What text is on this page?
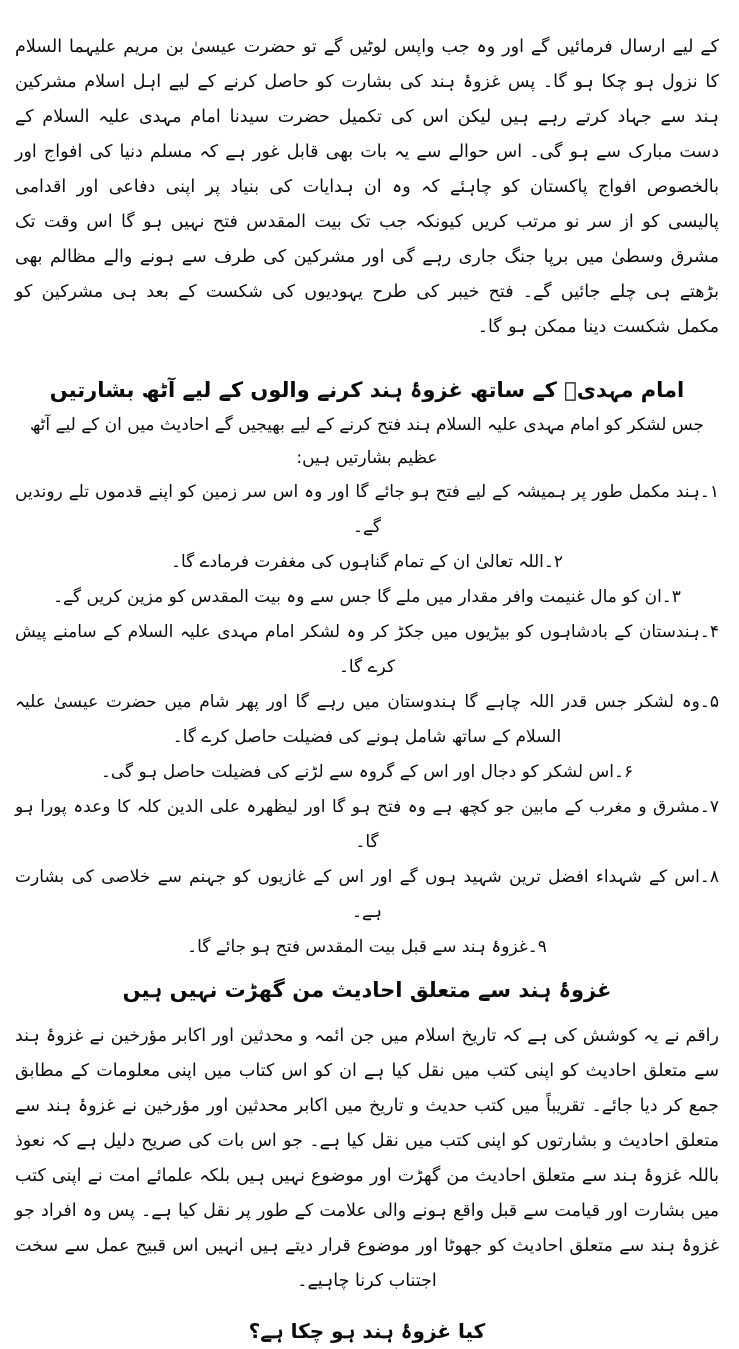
کے لیے ارسال فرمائیں گے اور وہ جب واپس لوٹیں گے تو حضرت عیسیٰ بن مریم علیہما السلام کا نزول ہو چکا ہو گا۔ پس غزوۂ ہند کی بشارت کو حاصل کرنے کے لیے اہل اسلام مشرکین ہند سے جہاد کرتے رہے ہیں لیکن اس کی تکمیل حضرت سیدنا امام مہدی علیہ السلام کے دست مبارک سے ہو گی۔ اس حوالے سے یہ بات بھی قابل غور ہے کہ مسلم دنیا کی افواج اور بالخصوص افواج پاکستان کو چاہئے کہ وہ ان ہدایات کی بنیاد پر اپنی دفاعی اور اقدامی پالیسی کو از سر نو مرتب کریں کیونکہ جب تک بیت المقدس فتح نہیں ہو گا اس وقت تک مشرق وسطیٰ میں برپا جنگ جاری رہے گی اور مشرکین کی طرف سے ہونے والے مظالم بھی بڑھتے ہی چلے جائیں گے۔ فتح خیبر کی طرح یہودیوں کی شکست کے بعد ہی مشرکین کو مکمل شکست دینا ممکن ہو گا۔

امام مہدیؑ کے ساتھ غزوۂ ہند کرنے والوں کے لیے آٹھ بشارتیں

جس لشکر کو امام مہدی علیہ السلام ہند فتح کرنے کے لیے بھیجیں گے احادیث میں ان کے لیے آٹھ عظیم بشارتیں ہیں:

۱۔ہند مکمل طور پر ہمیشہ کے لیے فتح ہو جائے گا اور وہ اس سر زمین کو اپنے قدموں تلے روندیں گے۔
۲۔اللہ تعالیٰ ان کے تمام گناہوں کی مغفرت فرمادے گا۔
۳۔ان کو مال غنیمت وافر مقدار میں ملے گا جس سے وہ بیت المقدس کو مزین کریں گے۔
۴۔ہندستان کے بادشاہوں کو بیڑیوں میں جکڑ کر وہ لشکر امام مہدی علیہ السلام کے سامنے پیش کرے گا۔
۵۔وہ لشکر جس قدر اللہ چاہے گا ہندوستان میں رہے گا اور پھر شام میں حضرت عیسیٰ علیہ السلام کے ساتھ شامل ہونے کی فضیلت حاصل کرے گا۔
۶۔اس لشکر کو دجال اور اس کے گروہ سے لڑنے کی فضیلت حاصل ہو گی۔
۷۔مشرق و مغرب کے مابین جو کچھ ہے وہ فتح ہو گا اور لیظھرہ علی الدین کلہ کا وعدہ پورا ہو گا۔
۸۔اس کے شہداء افضل ترین شہید ہوں گے اور اس کے غازیوں کو جہنم سے خلاصی کی بشارت ہے۔
۹۔غزوۂ ہند سے قبل بیت المقدس فتح ہو جائے گا۔
غزوۂ ہند سے متعلق احادیث من گھڑت نہیں ہیں

راقم نے یہ کوشش کی ہے کہ تاریخ اسلام میں جن ائمہ و محدثین اور اکابر مؤرخین نے غزوۂ ہند سے متعلق احادیث کو اپنی کتب میں نقل کیا ہے ان کو اس کتاب میں اپنی معلومات کے مطابق جمع کر دیا جائے۔ تقریباً میں کتب حدیث و تاریخ میں اکابر محدثین اور مؤرخین نے غزوۂ ہند سے متعلق احادیث و بشارتوں کو اپنی کتب میں نقل کیا ہے۔ جو اس بات کی صریح دلیل ہے کہ نعوذ باللہ غزوۂ ہند سے متعلق احادیث من گھڑت اور موضوع نہیں ہیں بلکہ علمائے امت نے اپنی کتب میں بشارت اور قیامت سے قبل واقع ہونے والی علامت کے طور پر نقل کیا ہے۔ پس وہ افراد جو غزوۂ ہند سے متعلق احادیث کو جھوٹا اور موضوع قرار دیتے ہیں انہیں اس قبیح عمل سے سخت اجتناب کرنا چاہیے۔

کیا غزوۂ ہند ہو چکا ہے؟
